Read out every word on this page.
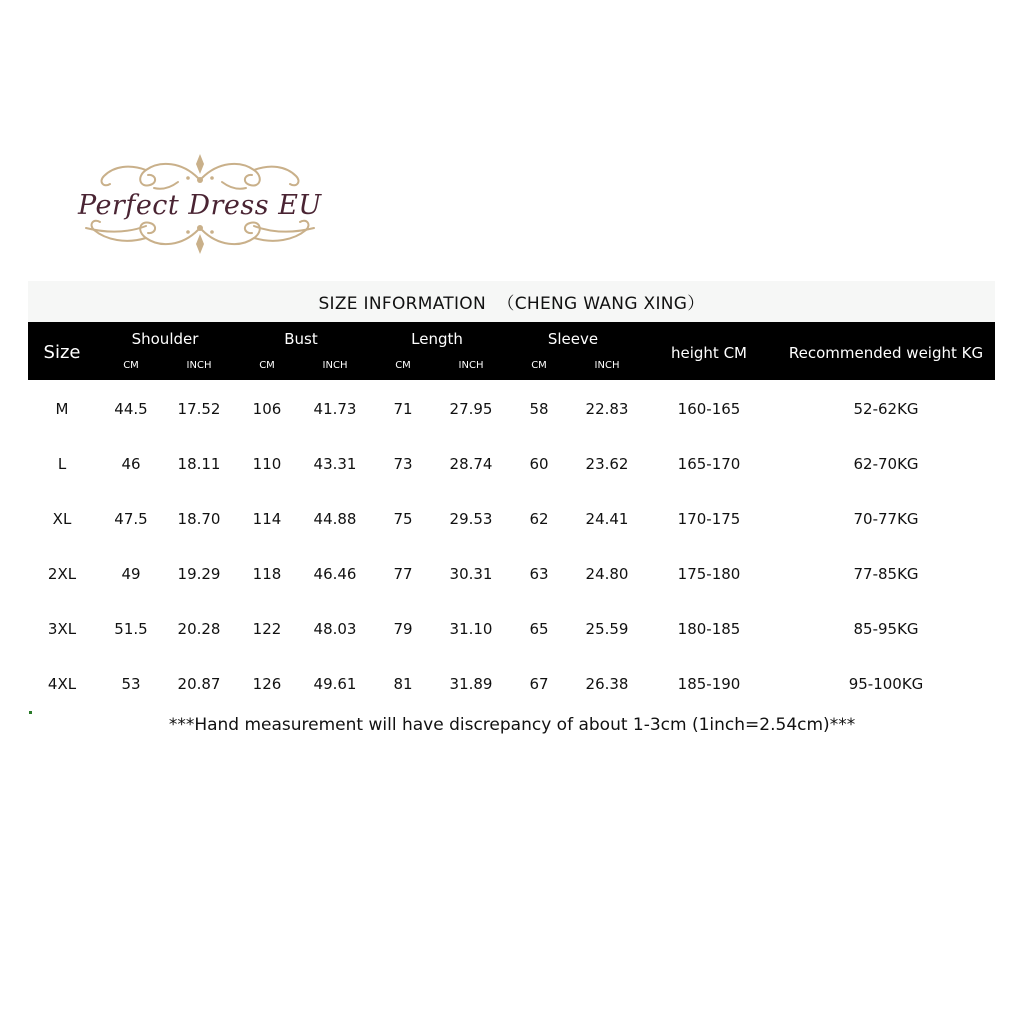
Perfect Dress EU
SIZE INFORMATION  （CHENG WANG XING）
Size
Shoulder
CM	INCH
Bust
CM	INCH
Length
CM	INCH
Sleeve
CM	INCH
height CM	Recommended weight KG
M	44.5 17.52 106 41.73 71 27.95 58 22.83	160-165	52-62KG
L	46 18.11 110 43.31 73 28.74 60 23.62	165-170	62-70KG
XL	47.5 18.70 114 44.88 75 29.53 62 24.41	170-175	70-77KG
2XL	49 19.29 118 46.46 77 30.31 63 24.80	175-180	77-85KG
3XL	51.5 20.28 122 48.03 79 31.10 65 25.59	180-185	85-95KG
4XL	53 20.87 126 49.61 81 31.89 67 26.38	185-190	95-100KG
***Hand measurement will have discrepancy of about 1-3cm (1inch=2.54cm)***
